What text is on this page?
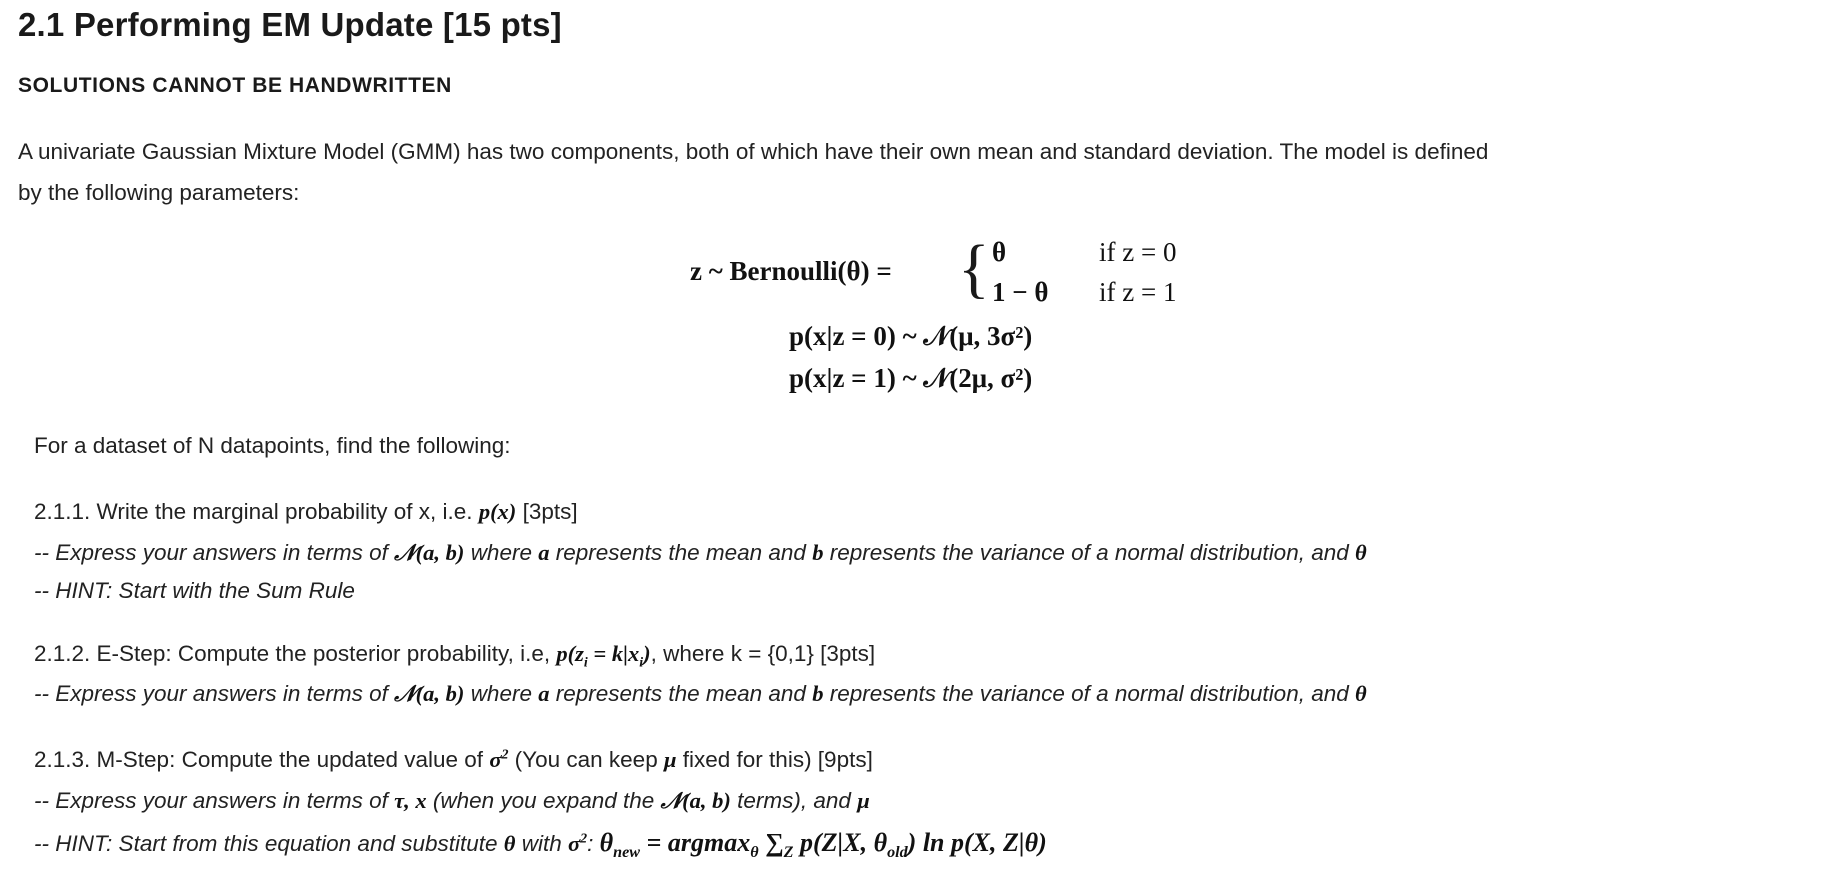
2.1 Performing EM Update [15 pts]
SOLUTIONS CANNOT BE HANDWRITTEN
A univariate Gaussian Mixture Model (GMM) has two components, both of which have their own mean and standard deviation. The model is defined
by the following parameters:
z ~ Bernoulli(θ) = { θ	if z = 0
1 − θ if z = 1
p(x|z = 0) ~ 𝒩(μ, 3σ²)
p(x|z = 1) ~ 𝒩(2μ, σ²)
For a dataset of N datapoints, find the following:
2.1.1. Write the marginal probability of x, i.e. p(x) [3pts]
-- Express your answers in terms of 𝒩(a, b) where a represents the mean and b represents the variance of a normal distribution, and θ
-- HINT: Start with the Sum Rule
2.1.2. E-Step: Compute the posterior probability, i.e, $p(z_i = k|x_i)$, where k = {0,1} [3pts]
-- Express your answers in terms of 𝒩(a, b) where a represents the mean and b represents the variance of a normal distribution, and θ
2.1.3. M-Step: Compute the updated value of $\sigma^2$ (You can keep μ fixed for this) [9pts]
-- Express your answers in terms of τ, x (when you expand the 𝒩(a, b) terms), and μ
-- HINT: Start from this equation and substitute θ with $\sigma^2$: $\theta_{new} = argmax_\theta$ $\sum_Z$ p(Z|X, $\theta_{old}$) ln p(X, Z|θ)
